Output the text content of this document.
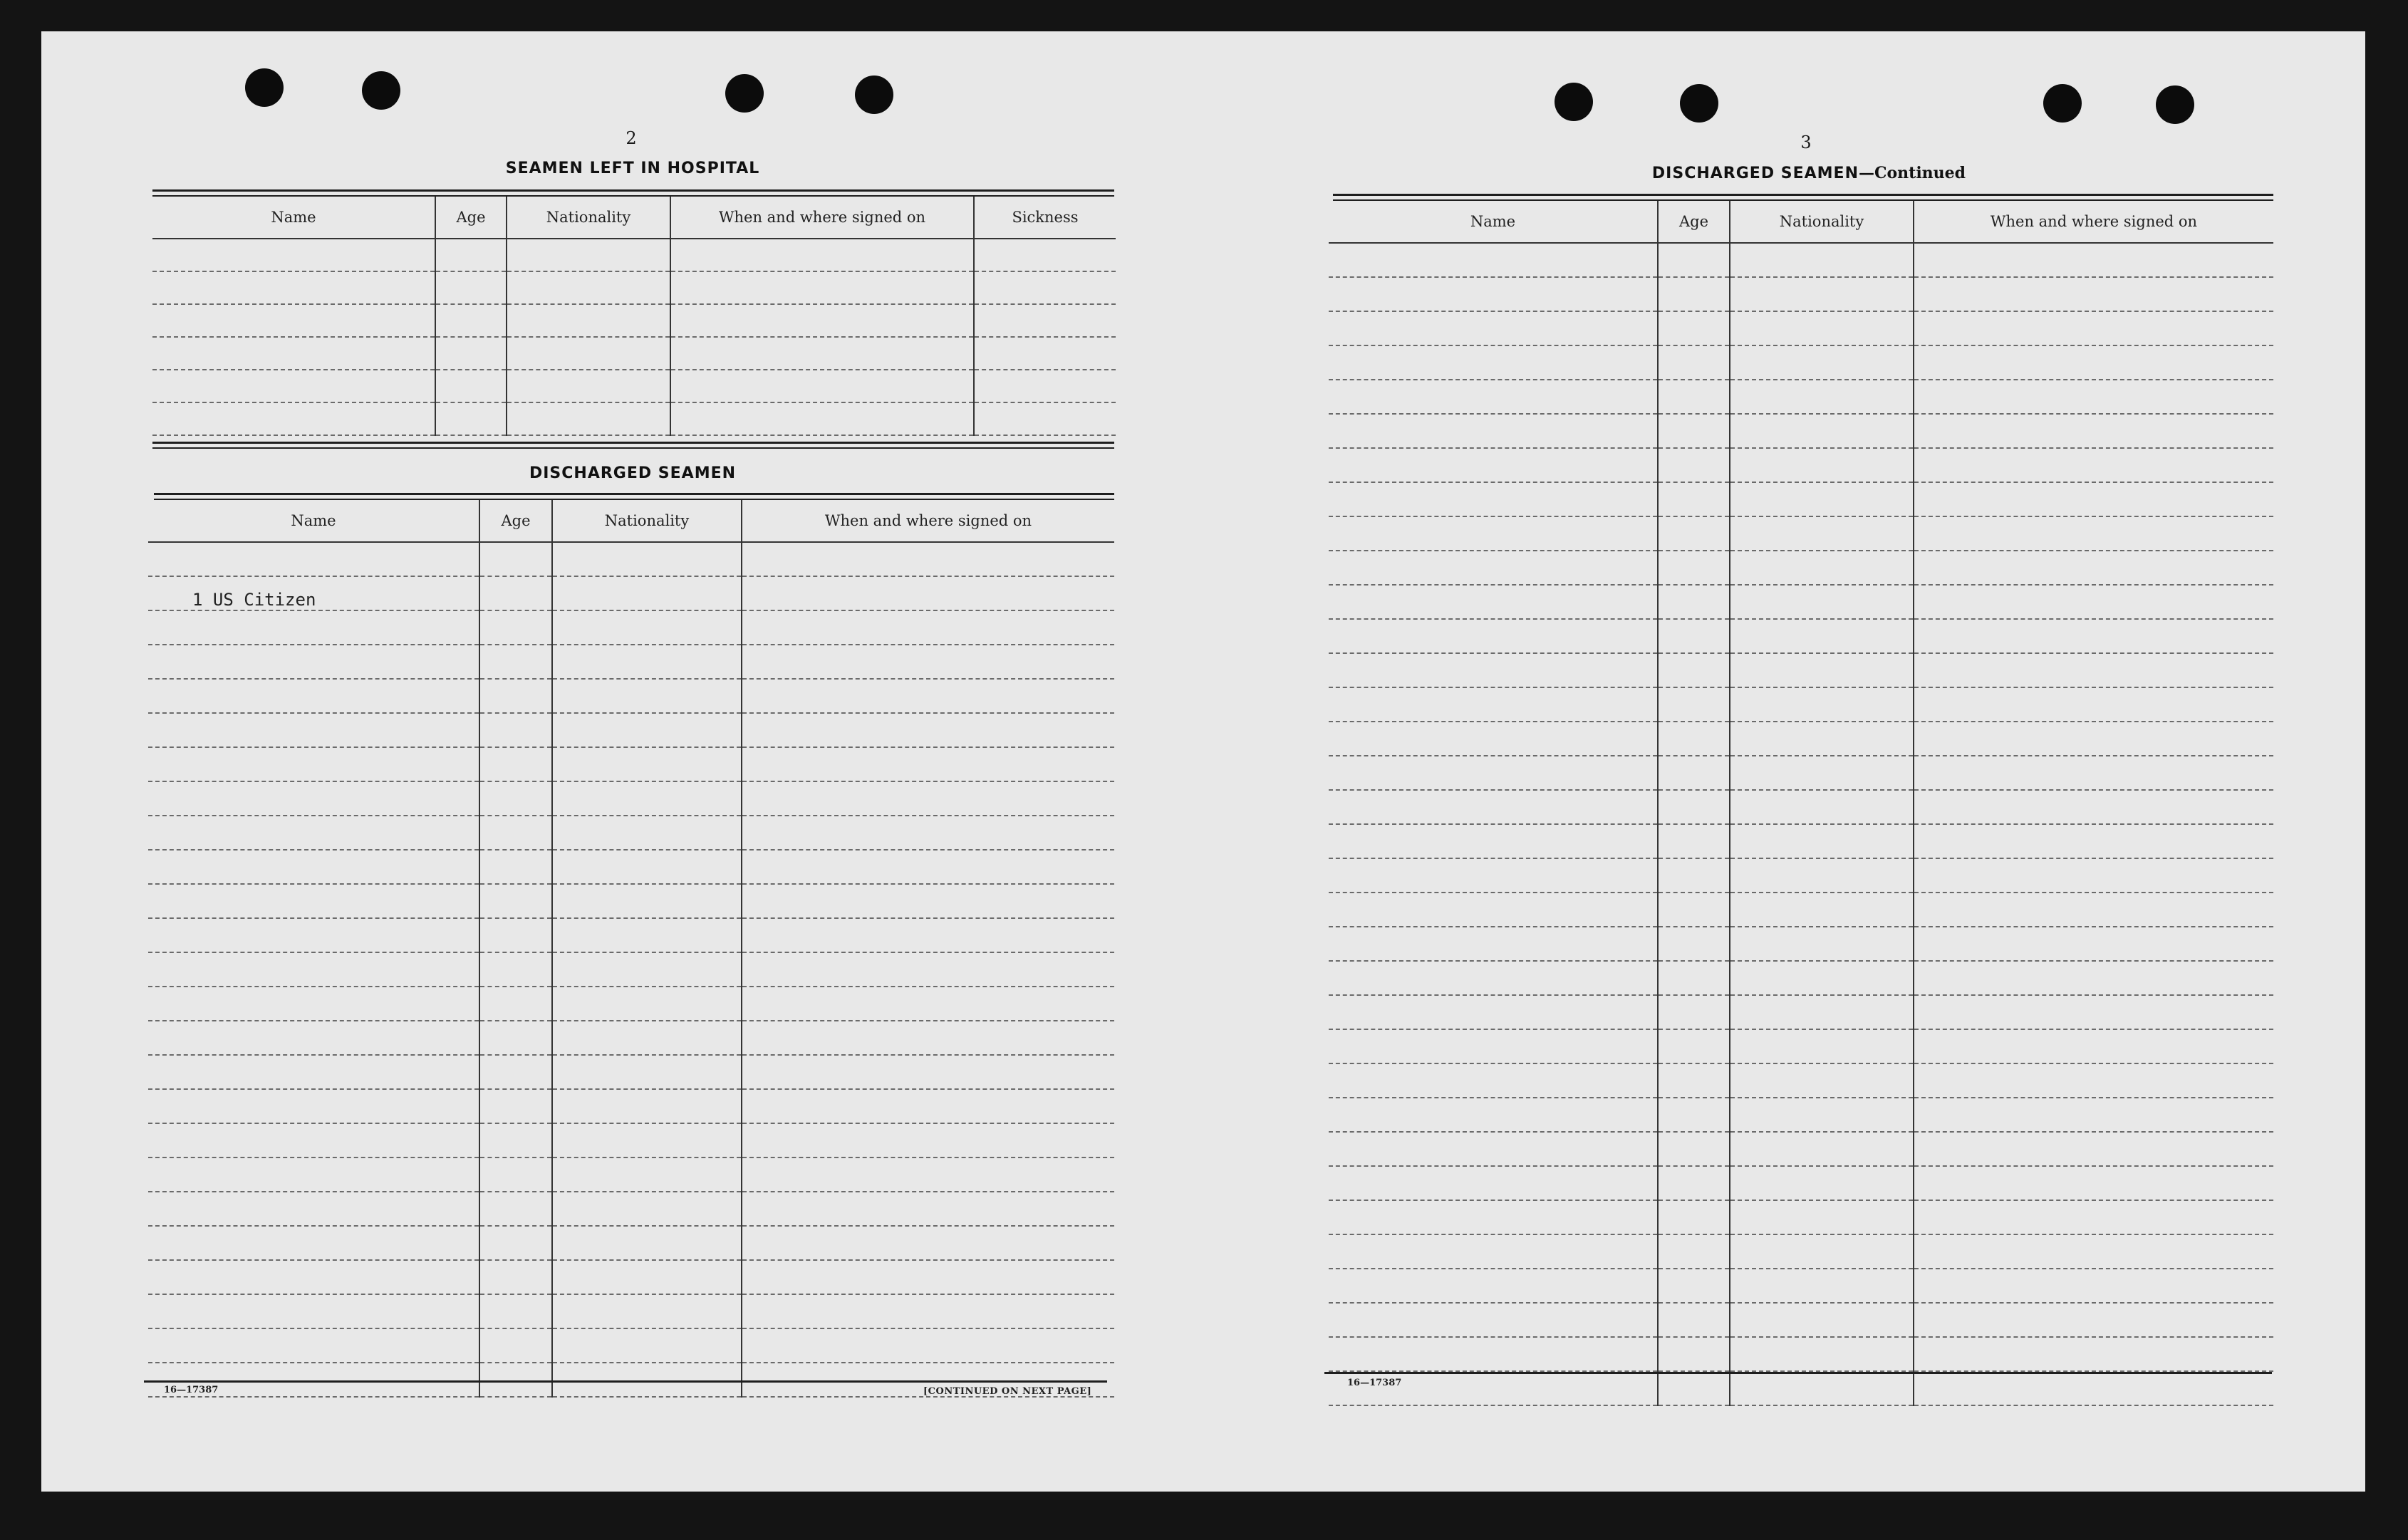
2
SEAMEN LEFT IN HOSPITAL
Name	Age	Nationality	When and where signed on	Sickness

DISCHARGED SEAMEN
Name	Age	Nationality	When and where signed on

1 US Citizen			

16—17387	[CONTINUED ON NEXT PAGE]
3
DISCHARGED SEAMEN—Continued
Name	Age	Nationality	When and where signed on

16—17387
